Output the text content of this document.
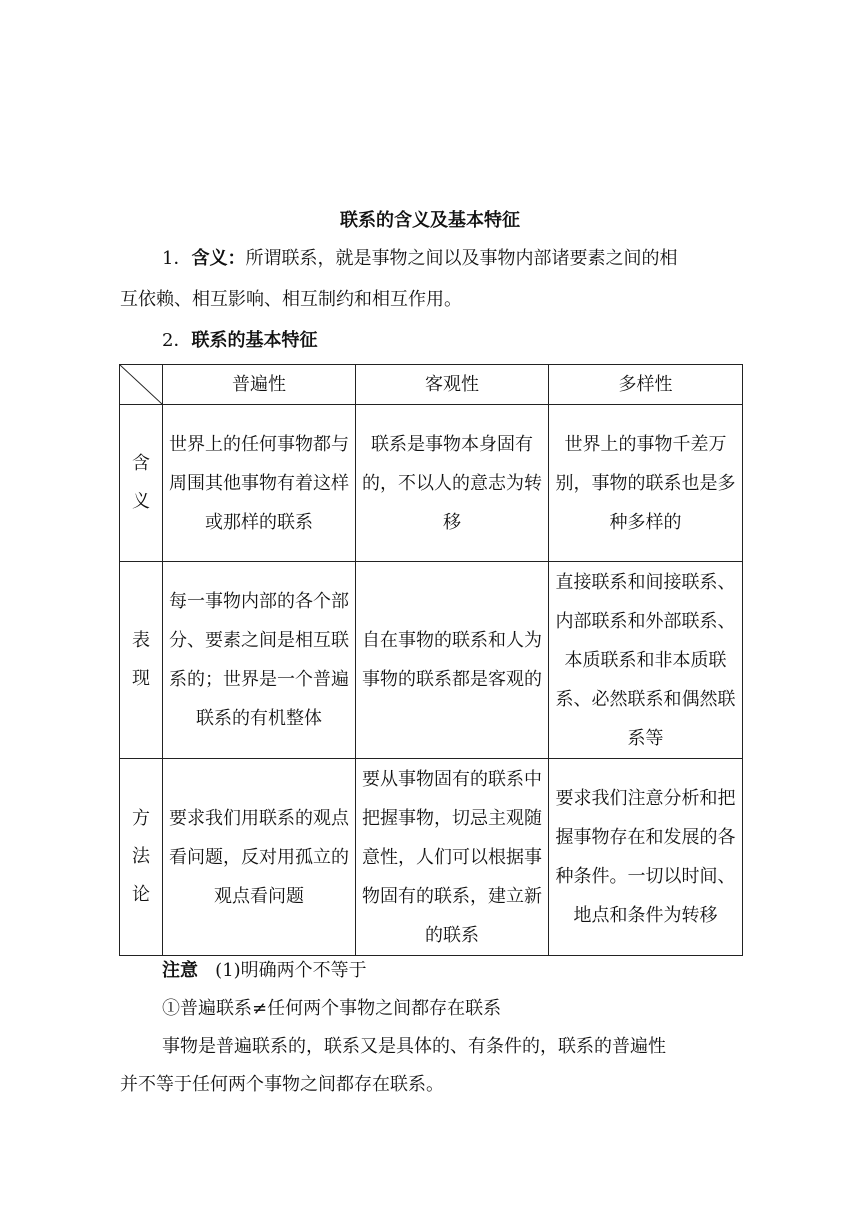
联系的含义及基本特征
1．含义：所谓联系，就是事物之间以及事物内部诸要素之间的相
互依赖、相互影响、相互制约和相互作用。
2．联系的基本特征
	普遍性	客观性	多样性

含
义	世界上的任何事物都与周围其他事物有着这样或那样的联系	联系是事物本身固有的，不以人的意志为转移	世界上的事物千差万别，事物的联系也是多种多样的

表
现	每一事物内部的各个部分、要素之间是相互联系的；世界是一个普遍联系的有机整体	自在事物的联系和人为事物的联系都是客观的	直接联系和间接联系、内部联系和外部联系、本质联系和非本质联系、必然联系和偶然联系等

方
法
论	要求我们用联系的观点看问题，反对用孤立的观点看问题	要从事物固有的联系中把握事物，切忌主观随意性，人们可以根据事物固有的联系，建立新的联系	要求我们注意分析和把握事物存在和发展的各种条件。一切以时间、地点和条件为转移
注意 (1)明确两个不等于
①普遍联系≠任何两个事物之间都存在联系
事物是普遍联系的，联系又是具体的、有条件的，联系的普遍性
并不等于任何两个事物之间都存在联系。
